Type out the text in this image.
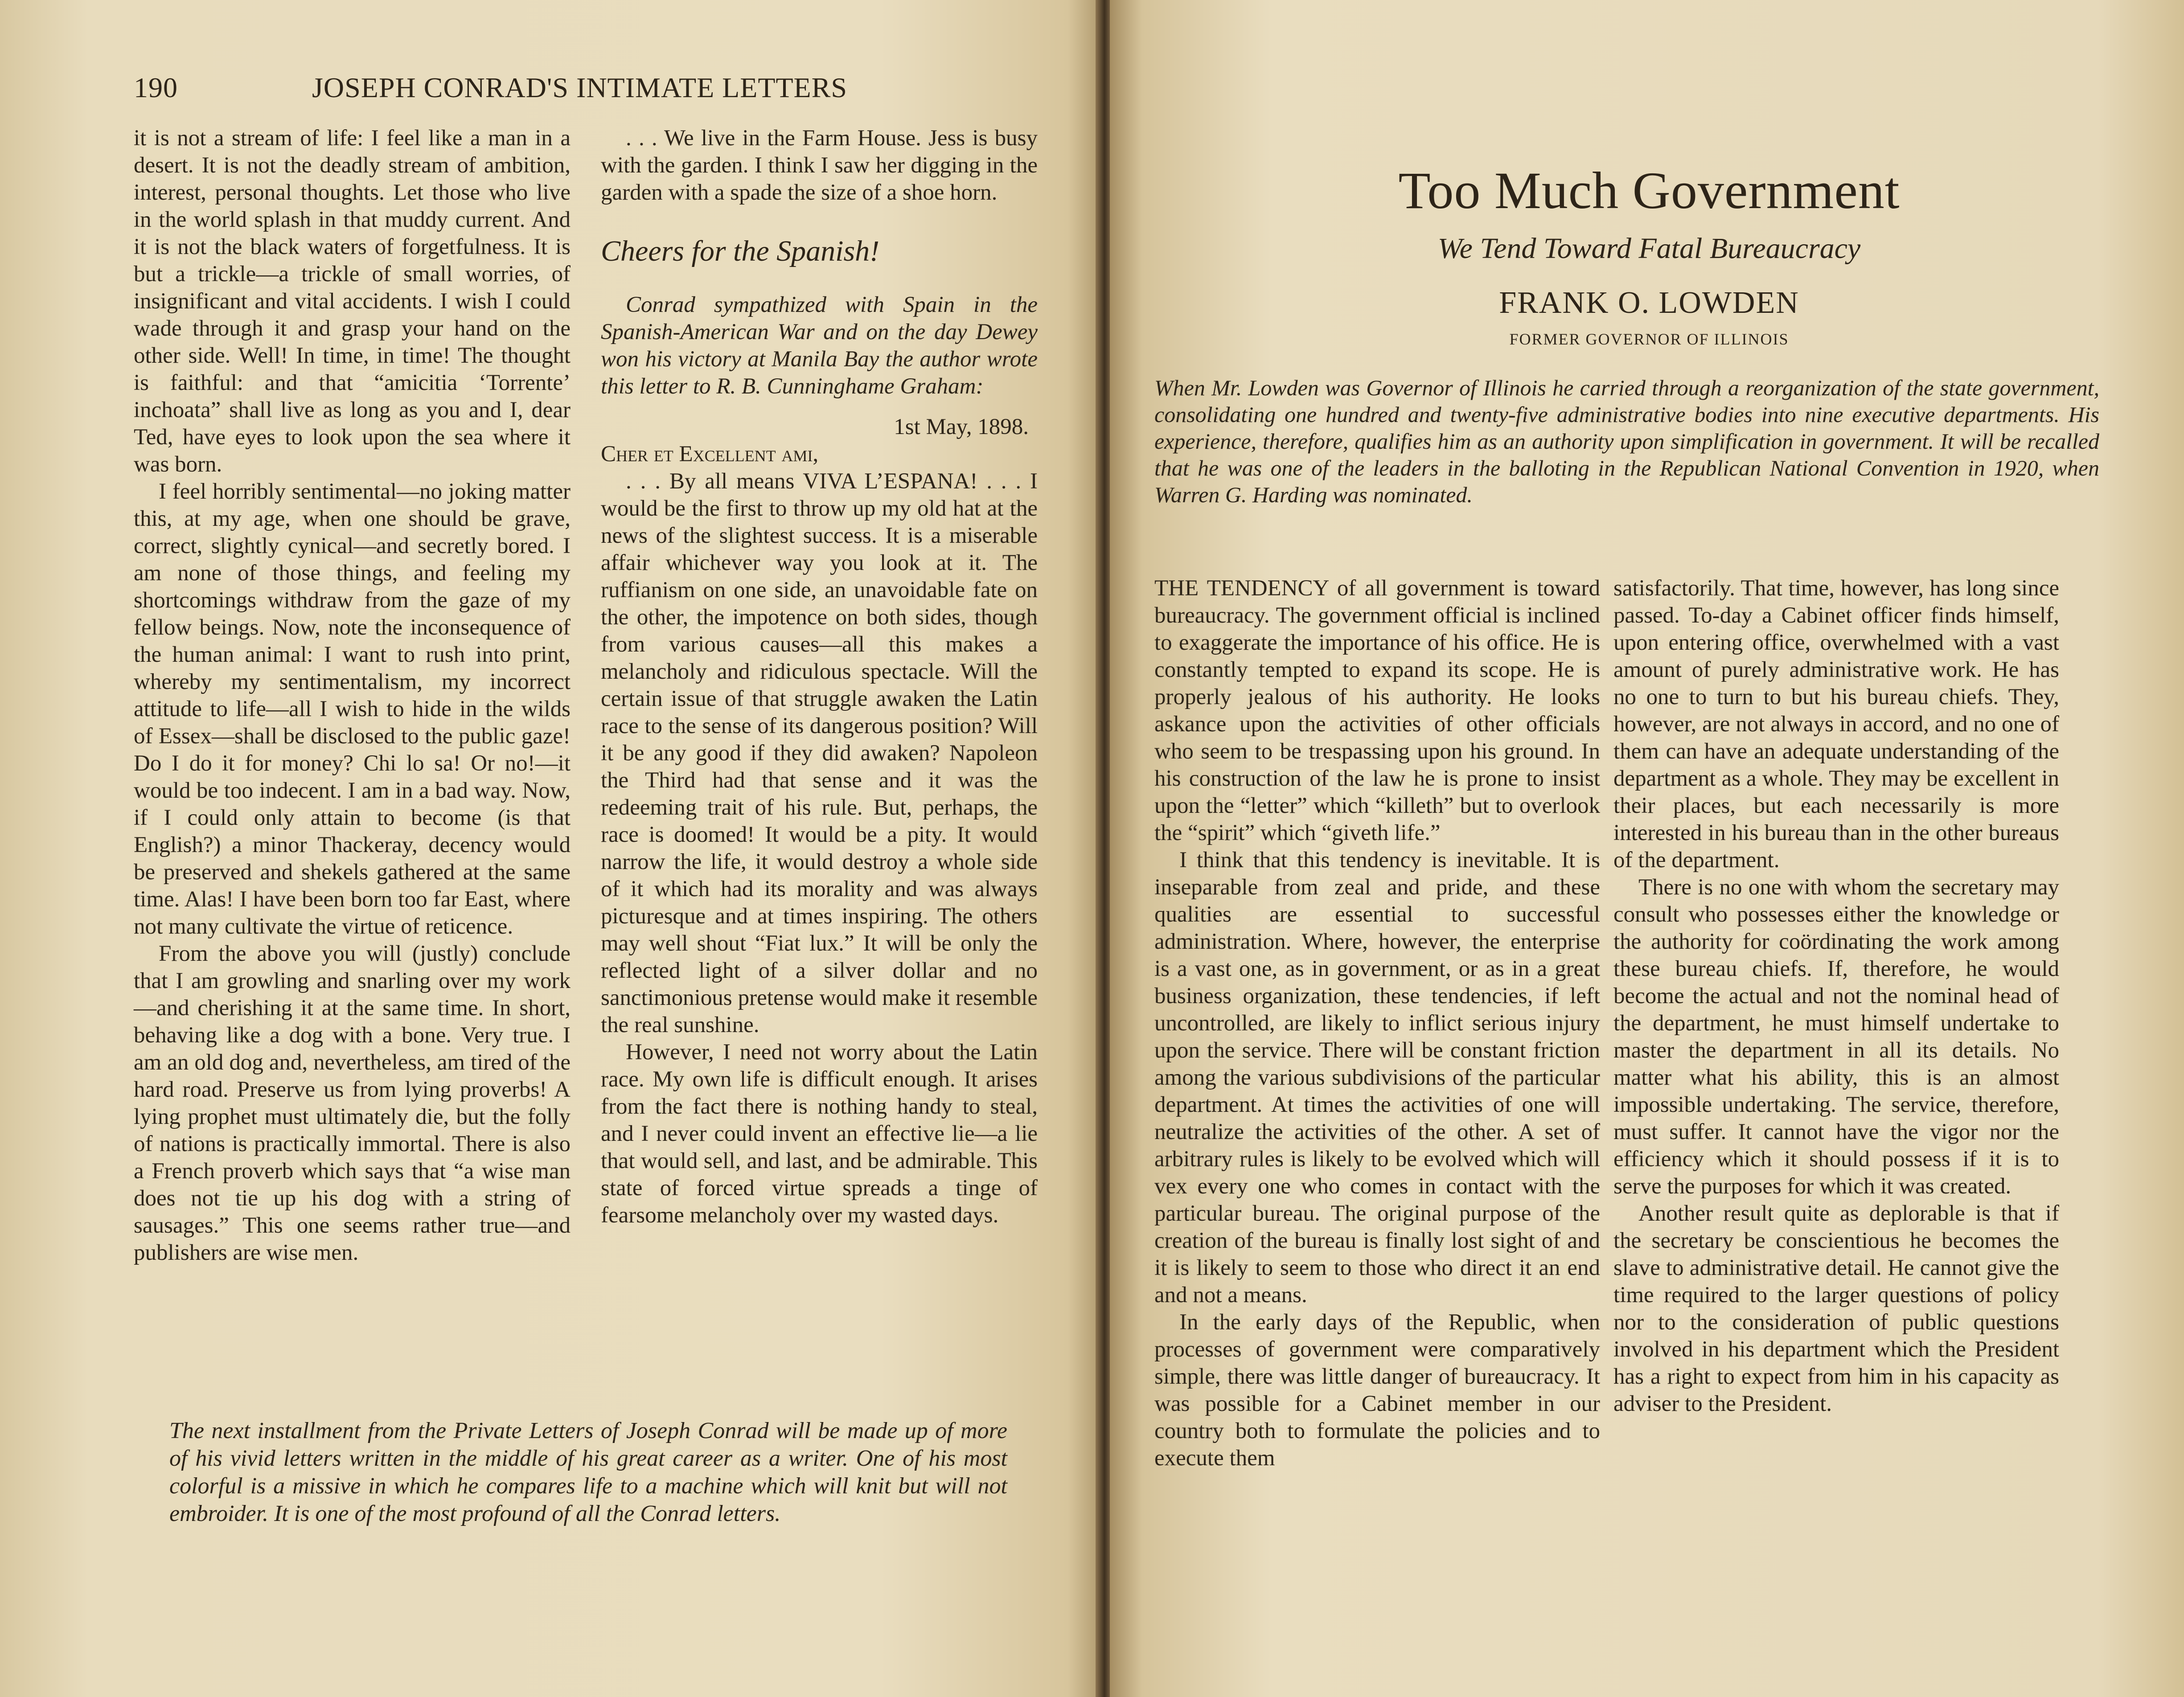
190	JOSEPH CONRAD'S INTIMATE LETTERS

it is not a stream of life: I feel like a man in a desert. It is not the deadly stream of ambition, interest, personal thoughts. Let those who live in the world splash in that muddy current. And it is not the black waters of forgetfulness. It is but a trickle—a trickle of small worries, of insignificant and vital accidents. I wish I could wade through it and grasp your hand on the other side. Well! In time, in time! The thought is faithful: and that “amicitia ‘Torrente’ inchoata” shall live as long as you and I, dear Ted, have eyes to look upon the sea where it was born.

I feel horribly sentimental—no joking matter this, at my age, when one should be grave, correct, slightly cynical—and secretly bored. I am none of those things, and feeling my shortcomings withdraw from the gaze of my fellow beings. Now, note the inconsequence of the human animal: I want to rush into print, whereby my sentimentalism, my incorrect attitude to life—all I wish to hide in the wilds of Essex—shall be disclosed to the public gaze! Do I do it for money? Chi lo sa! Or no!—it would be too indecent. I am in a bad way. Now, if I could only attain to become (is that English?) a minor Thackeray, decency would be preserved and shekels gathered at the same time. Alas! I have been born too far East, where not many cultivate the virtue of reticence.

From the above you will (justly) conclude that I am growling and snarling over my work—and cherishing it at the same time. In short, behaving like a dog with a bone. Very true. I am an old dog and, nevertheless, am tired of the hard road. Preserve us from lying proverbs! A lying prophet must ultimately die, but the folly of nations is practically immortal. There is also a French proverb which says that “a wise man does not tie up his dog with a string of sausages.” This one seems rather true—and publishers are wise men.

. . . We live in the Farm House. Jess is busy with the garden. I think I saw her digging in the garden with a spade the size of a shoe horn.

Cheers for the Spanish!

Conrad sympathized with Spain in the Spanish-American War and on the day Dewey won his victory at Manila Bay the author wrote this letter to R. B. Cunninghame Graham:

1st May, 1898.
Cher et Excellent ami,

. . . By all means VIVA L’ESPANA! . . . I would be the first to throw up my old hat at the news of the slightest success. It is a miserable affair whichever way you look at it. The ruffianism on one side, an unavoidable fate on the other, the impotence on both sides, though from various causes—all this makes a melancholy and ridiculous spectacle. Will the certain issue of that struggle awaken the Latin race to the sense of its dangerous position? Will it be any good if they did awaken? Napoleon the Third had that sense and it was the redeeming trait of his rule. But, perhaps, the race is doomed! It would be a pity. It would narrow the life, it would destroy a whole side of it which had its morality and was always picturesque and at times inspiring. The others may well shout “Fiat lux.” It will be only the reflected light of a silver dollar and no sanctimonious pretense would make it resemble the real sunshine.

However, I need not worry about the Latin race. My own life is difficult enough. It arises from the fact there is nothing handy to steal, and I never could invent an effective lie—a lie that would sell, and last, and be admirable. This state of forced virtue spreads a tinge of fearsome melancholy over my wasted days.

The next installment from the Private Letters of Joseph Conrad will be made up of more of his vivid letters written in the middle of his great career as a writer. One of his most colorful is a missive in which he compares life to a machine which will knit but will not embroider. It is one of the most profound of all the Conrad letters.
Too Much Government
We Tend Toward Fatal Bureaucracy
FRANK O. LOWDEN
FORMER GOVERNOR OF ILLINOIS
When Mr. Lowden was Governor of Illinois he carried through a reorganization of the state government, consolidating one hundred and twenty-five administrative bodies into nine executive departments. His experience, therefore, qualifies him as an authority upon simplification in government. It will be recalled that he was one of the leaders in the balloting in the Republican National Convention in 1920, when Warren G. Harding was nominated.

THE TENDENCY of all government is toward bureaucracy. The government official is inclined to exaggerate the importance of his office. He is constantly tempted to expand its scope. He is properly jealous of his authority. He looks askance upon the activities of other officials who seem to be trespassing upon his ground. In his construction of the law he is prone to insist upon the “letter” which “killeth” but to overlook the “spirit” which “giveth life.”

I think that this tendency is inevitable. It is inseparable from zeal and pride, and these qualities are essential to successful administration. Where, however, the enterprise is a vast one, as in government, or as in a great business organization, these tendencies, if left uncontrolled, are likely to inflict serious injury upon the service. There will be constant friction among the various subdivisions of the particular department. At times the activities of one will neutralize the activities of the other. A set of arbitrary rules is likely to be evolved which will vex every one who comes in contact with the particular bureau. The original purpose of the creation of the bureau is finally lost sight of and it is likely to seem to those who direct it an end and not a means.

In the early days of the Republic, when processes of government were comparatively simple, there was little danger of bureaucracy. It was possible for a Cabinet member in our country both to formulate the policies and to execute them

satisfactorily. That time, however, has long since passed. To-day a Cabinet officer finds himself, upon entering office, overwhelmed with a vast amount of purely administrative work. He has no one to turn to but his bureau chiefs. They, however, are not always in accord, and no one of them can have an adequate understanding of the department as a whole. They may be excellent in their places, but each necessarily is more interested in his bureau than in the other bureaus of the department.

There is no one with whom the secretary may consult who possesses either the knowledge or the authority for coördinating the work among these bureau chiefs. If, therefore, he would become the actual and not the nominal head of the department, he must himself undertake to master the department in all its details. No matter what his ability, this is an almost impossible undertaking. The service, therefore, must suffer. It cannot have the vigor nor the efficiency which it should possess if it is to serve the purposes for which it was created.

Another result quite as deplorable is that if the secretary be conscientious he becomes the slave to administrative detail. He cannot give the time required to the larger questions of policy nor to the consideration of public questions involved in his department which the President has a right to expect from him in his capacity as adviser to the President.
